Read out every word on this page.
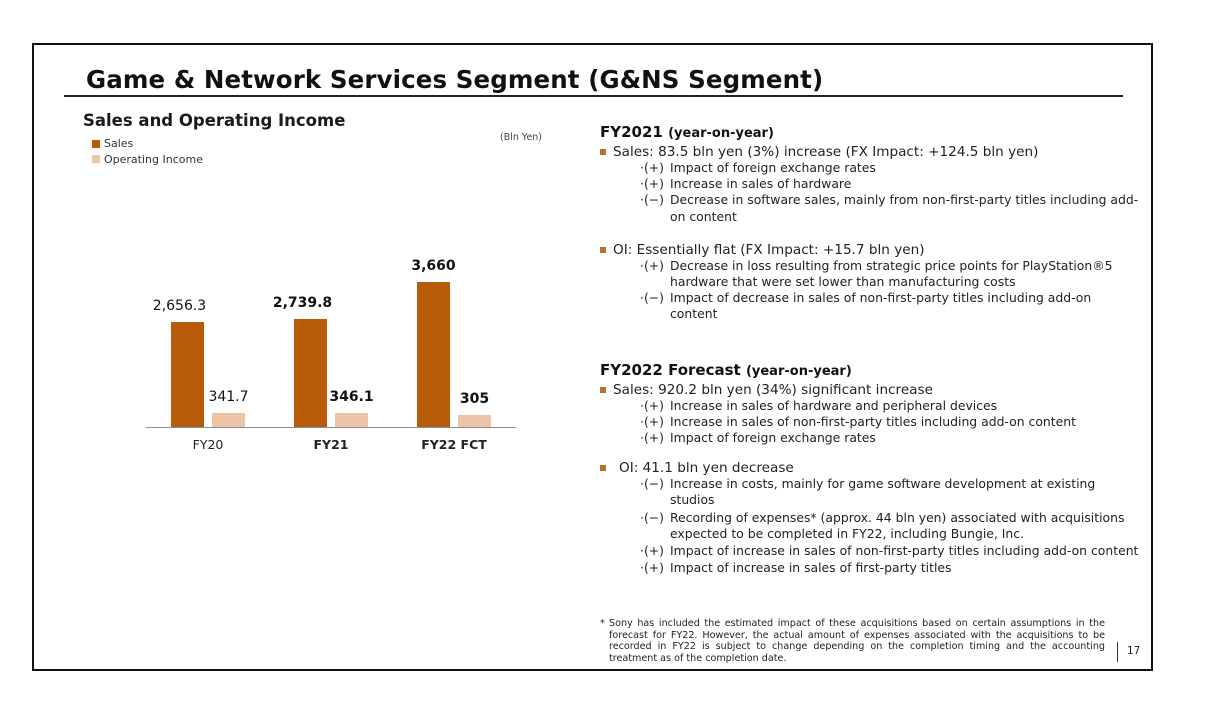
Game & Network Services Segment (G&NS Segment)
Sales and Operating Income
Sales
Operating Income
(Bln Yen)
2,656.3
341.7
FY20
2,739.8
346.1
FY21
3,660
305
FY22 FCT
FY2021 (year-on-year)
Sales: 83.5 bln yen (3%) increase (FX Impact: +124.5 bln yen)
·(+) Impact of foreign exchange rates
·(+) Increase in sales of hardware
·(−) Decrease in software sales, mainly from non-first-party titles including add-on content
OI: Essentially flat (FX Impact: +15.7 bln yen)
·(+) Decrease in loss resulting from strategic price points for PlayStation®5 hardware that were set lower than manufacturing costs
·(−) Impact of decrease in sales of non-first-party titles including add-on content
FY2022 Forecast (year-on-year)
Sales: 920.2 bln yen (34%) significant increase
·(+) Increase in sales of hardware and peripheral devices
·(+) Increase in sales of non-first-party titles including add-on content
·(+) Impact of foreign exchange rates
OI: 41.1 bln yen decrease
·(−) Increase in costs, mainly for game software development at existing studios
·(−) Recording of expenses* (approx. 44 bln yen) associated with acquisitions expected to be completed in FY22, including Bungie, Inc.
·(+) Impact of increase in sales of non-first-party titles including add-on content
·(+) Impact of increase in sales of first-party titles
* Sony has included the estimated impact of these acquisitions based on certain assumptions in the forecast for FY22. However, the actual amount of expenses associated with the acquisitions to be recorded in FY22 is subject to change depending on the completion timing and the accounting treatment as of the completion date.
17
